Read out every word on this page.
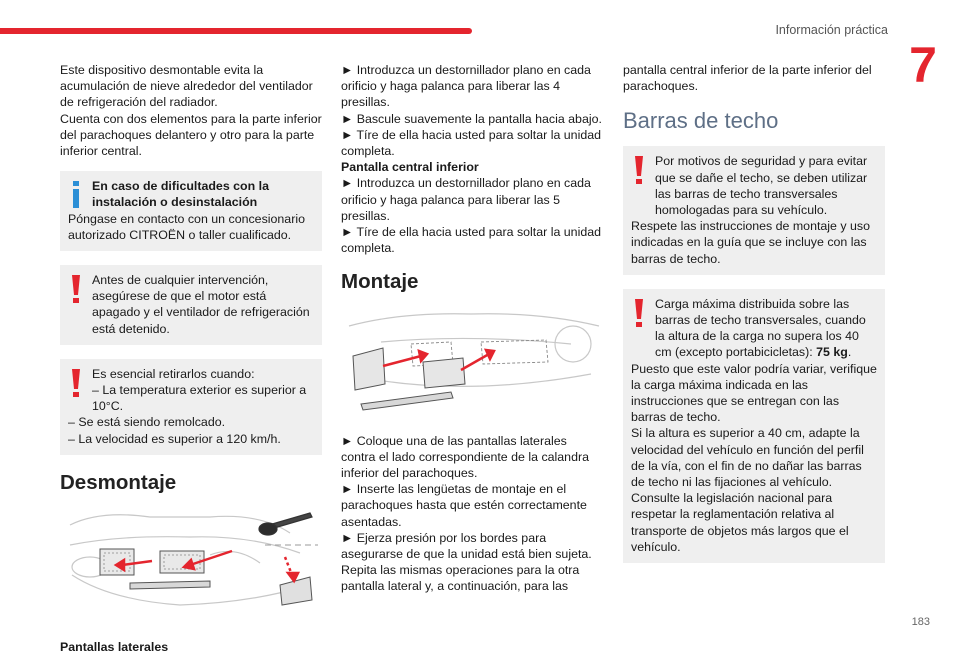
Información práctica
7
183

Este dispositivo desmontable evita la acumulación de nieve alrededor del ventilador de refrigeración del radiador.

Cuenta con dos elementos para la parte inferior del parachoques delantero y otro para la parte inferior central.

En caso de dificultades con la instalación o desinstalación

Póngase en contacto con un concesionario autorizado CITROËN o taller cualificado.

Antes de cualquier intervención, asegúrese de que el motor está apagado y el ventilador de refrigeración está detenido.

Es esencial retirarlos cuando:

– La temperatura exterior es superior a 10°C.

– Se está siendo remolcado.

– La velocidad es superior a 120 km/h.

Desmontaje

Pantallas laterales

► Introduzca un destornillador plano en cada orificio y haga palanca para liberar las 4 presillas.

► Bascule suavemente la pantalla hacia abajo.

► Tíre de ella hacia usted para soltar la unidad completa.

Pantalla central inferior

► Introduzca un destornillador plano en cada orificio y haga palanca para liberar las 5 presillas.

► Tíre de ella hacia usted para soltar la unidad completa.

Montaje

► Coloque una de las pantallas laterales contra el lado correspondiente de la calandra inferior del parachoques.

► Inserte las lengüetas de montaje en el parachoques hasta que estén correctamente asentadas.

► Ejerza presión por los bordes para asegurarse de que la unidad está bien sujeta.

Repita las mismas operaciones para la otra pantalla lateral y, a continuación, para las

pantalla central inferior de la parte inferior del parachoques.

Barras de techo

Por motivos de seguridad y para evitar que se dañe el techo, se deben utilizar las barras de techo transversales homologadas para su vehículo.

Respete las instrucciones de montaje y uso indicadas en la guía que se incluye con las barras de techo.

Carga máxima distribuida sobre las barras de techo transversales, cuando la altura de la carga no supera los 40 cm (excepto portabicicletas): 75 kg.

Puesto que este valor podría variar, verifique la carga máxima indicada en las instrucciones que se entregan con las barras de techo.

Si la altura es superior a 40 cm, adapte la velocidad del vehículo en función del perfil de la vía, con el fin de no dañar las barras de techo ni las fijaciones al vehículo.

Consulte la legislación nacional para respetar la reglamentación relativa al transporte de objetos más largos que el vehículo.
